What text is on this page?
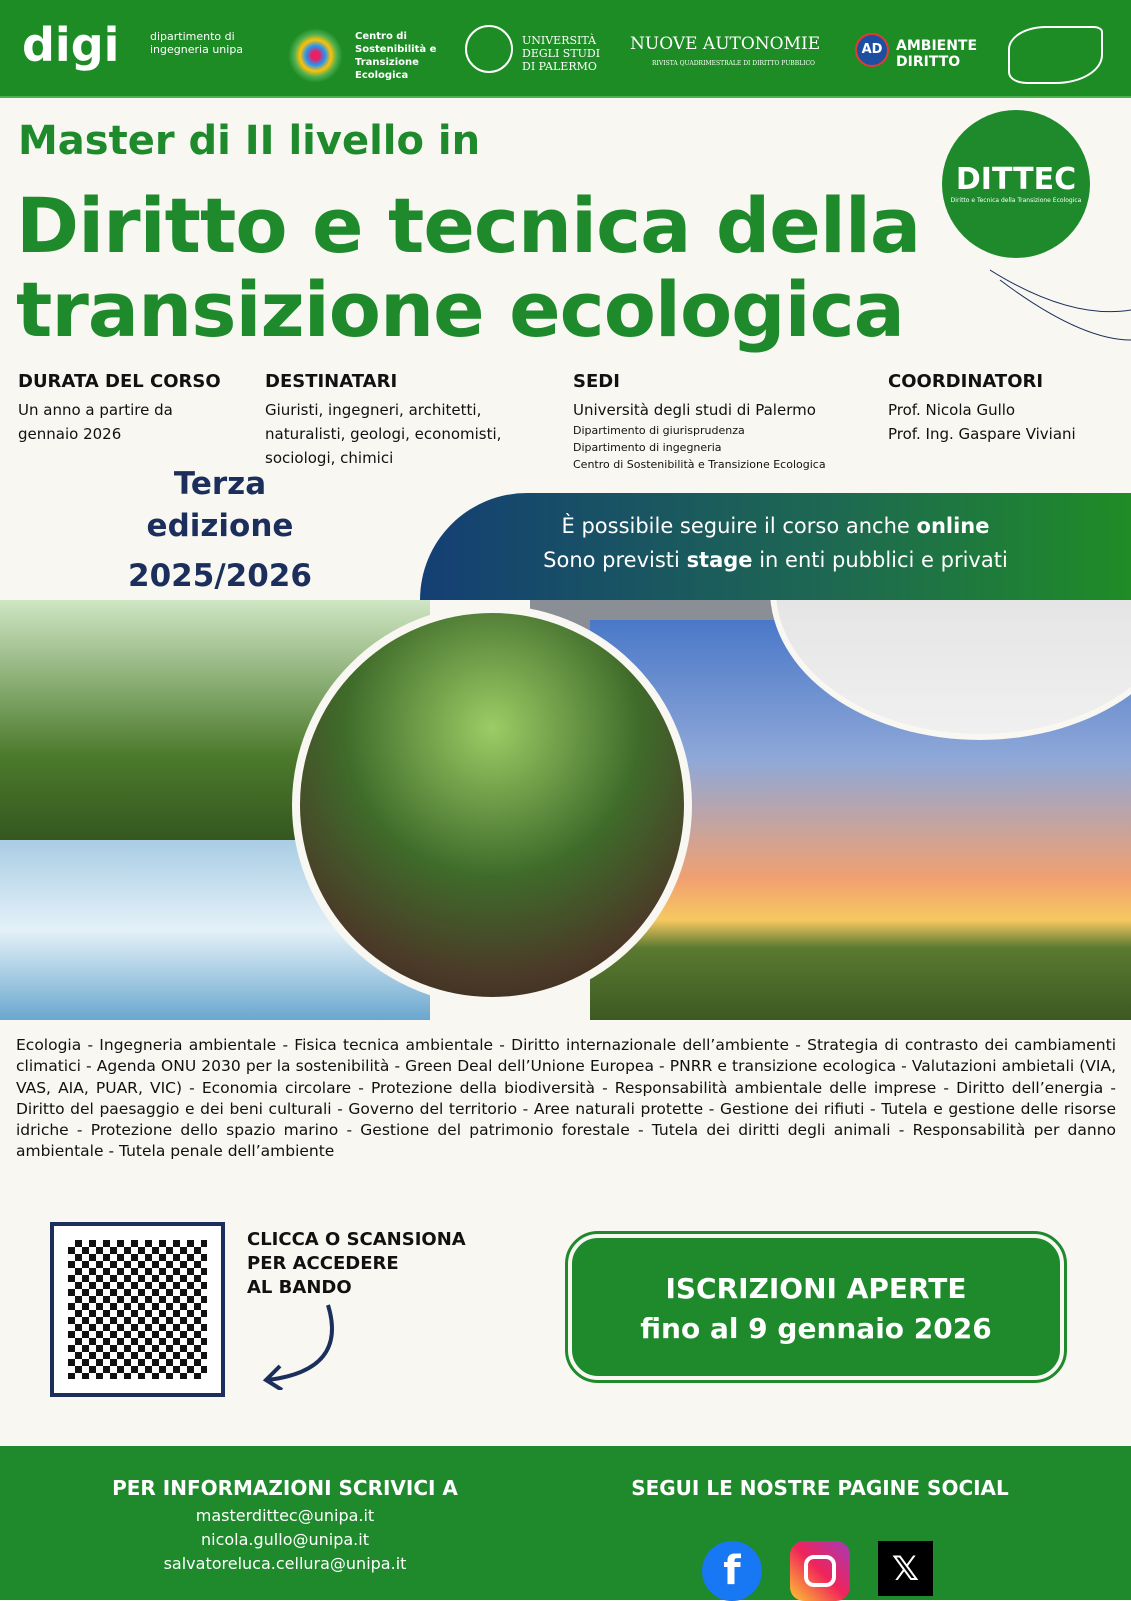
digi	dipartimento di ingegneria unipa
Centro di Sostenibilità e Transizione Ecologica
UNIVERSITÀ DEGLI STUDI DI PALERMO
NUOVE AUTONOMIE
RIVISTA QUADRIMESTRALE DI DIRITTO PUBBLICO
AD AMBIENTE DIRITTO
Master di II livello in
Diritto e tecnica della
transizione ecologica
DITTEC
Diritto e Tecnica della Transizione Ecologica
DURATA DEL CORSO
Un anno a partire da
gennaio 2026
DESTINATARI
Giuristi, ingegneri, architetti,
naturalisti, geologi, economisti,
sociologi, chimici
SEDI
Università degli studi di Palermo
Dipartimento di giurisprudenza
Dipartimento di ingegneria
Centro di Sostenibilità e Transizione Ecologica
COORDINATORI
Prof. Nicola Gullo
Prof. Ing. Gaspare Viviani
Terza
edizione
2025/2026
È possibile seguire il corso anche online
Sono previsti stage in enti pubblici e privati
Ecologia - Ingegneria ambientale - Fisica tecnica ambientale - Diritto internazionale dell’ambiente - Strategia di contrasto dei cambiamenti climatici - Agenda ONU 2030 per la sostenibilità - Green Deal dell’Unione Europea - PNRR e transizione ecologica - Valutazioni ambietali (VIA, VAS, AIA, PUAR, VIC) - Economia circolare - Protezione della biodiversità - Responsabilità ambientale delle imprese - Diritto dell’energia - Diritto del paesaggio e dei beni culturali - Governo del territorio - Aree naturali protette - Gestione dei rifiuti - Tutela e gestione delle risorse idriche - Protezione dello spazio marino - Gestione del patrimonio forestale - Tutela dei diritti degli animali - Responsabilità per danno ambientale - Tutela penale dell’ambiente
CLICCA O SCANSIONA
PER ACCEDERE
AL BANDO	ISCRIZIONI APERTE
fino al 9 gennaio 2026
PER INFORMAZIONI SCRIVICI A
masterdittec@unipa.it
nicola.gullo@unipa.it
salvatoreluca.cellura@unipa.it
SEGUI LE NOSTRE PAGINE SOCIAL
f	𝕏
